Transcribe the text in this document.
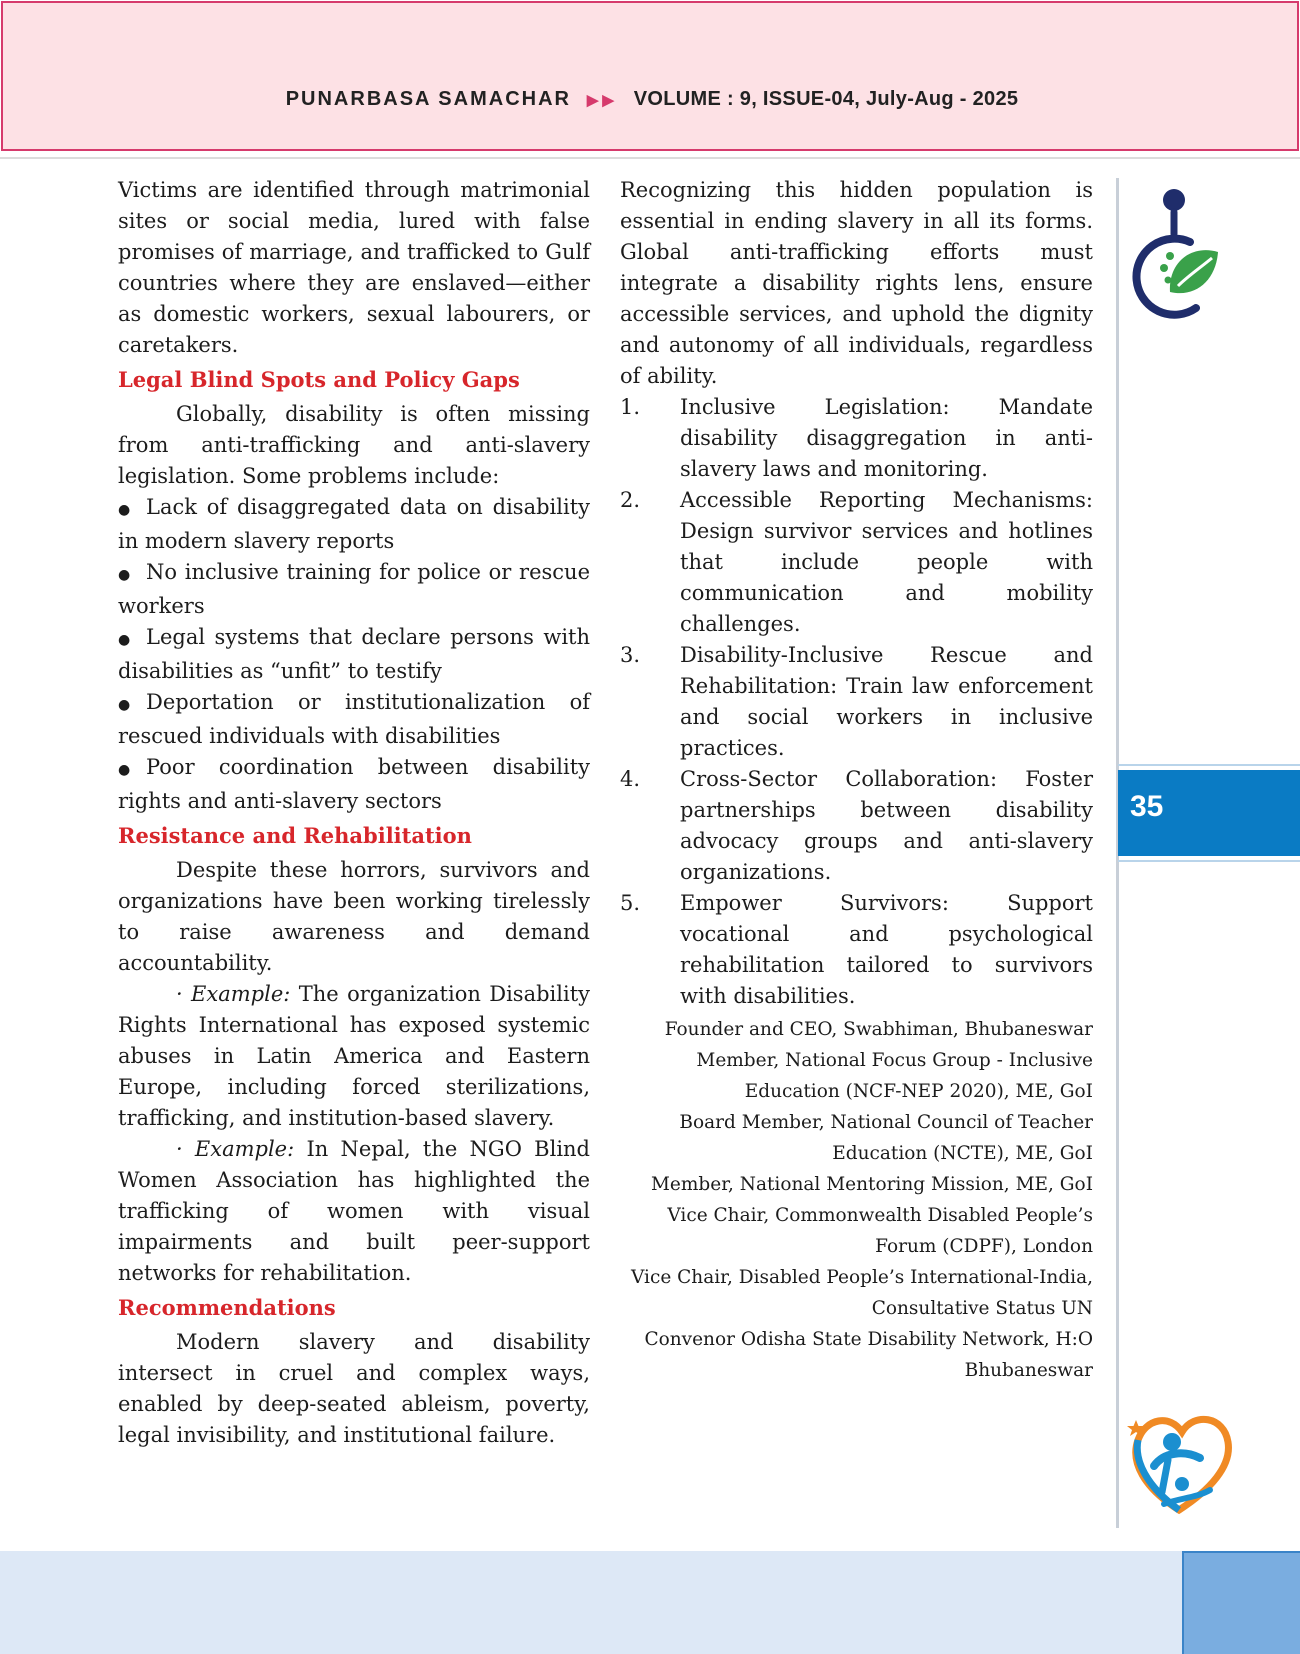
PUNARBASA SAMACHAR ▶▶ VOLUME : 9, ISSUE-04, July-Aug - 2025

Victims are identified through matrimonial sites or social media, lured with false promises of marriage, and trafficked to Gulf countries where they are enslaved—either as domestic workers, sexual labourers, or caretakers.

Legal Blind Spots and Policy Gaps

Globally, disability is often missing from anti-trafficking and anti-slavery legislation. Some problems include:

● Lack of disaggregated data on disability in modern slavery reports

● No inclusive training for police or rescue workers

● Legal systems that declare persons with disabilities as “unfit” to testify

● Deportation or institutionalization of rescued individuals with disabilities

● Poor coordination between disability rights and anti-slavery sectors

Resistance and Rehabilitation

Despite these horrors, survivors and organizations have been working tirelessly to raise awareness and demand accountability.

· Example: The organization Disability Rights International has exposed systemic abuses in Latin America and Eastern Europe, including forced sterilizations, trafficking, and institution-based slavery.

· Example: In Nepal, the NGO Blind Women Association has highlighted the trafficking of women with visual impairments and built peer-support networks for rehabilitation.

Recommendations

Modern slavery and disability intersect in cruel and complex ways, enabled by deep-seated ableism, poverty, legal invisibility, and institutional failure.

Recognizing this hidden population is essential in ending slavery in all its forms. Global anti-trafficking efforts must integrate a disability rights lens, ensure accessible services, and uphold the dignity and autonomy of all individuals, regardless of ability.

1. Inclusive Legislation: Mandate disability disaggregation in anti-slavery laws and monitoring.
2. Accessible Reporting Mechanisms: Design survivor services and hotlines that include people with communication and mobility challenges.
3. Disability-Inclusive Rescue and Rehabilitation: Train law enforcement and social workers in inclusive practices.
4. Cross-Sector Collaboration: Foster partnerships between disability advocacy groups and anti-slavery organizations.
5. Empower Survivors: Support vocational and psychological rehabilitation tailored to survivors with disabilities.
Founder and CEO, Swabhiman, Bhubaneswar
Member, National Focus Group - Inclusive Education (NCF-NEP 2020), ME, GoI
Board Member, National Council of Teacher Education (NCTE), ME, GoI
Member, National Mentoring Mission, ME, GoI
Vice Chair, Commonwealth Disabled People’s Forum (CDPF), London
Vice Chair, Disabled People’s International-India, Consultative Status UN
Convenor Odisha State Disability Network, H:O Bhubaneswar
35
